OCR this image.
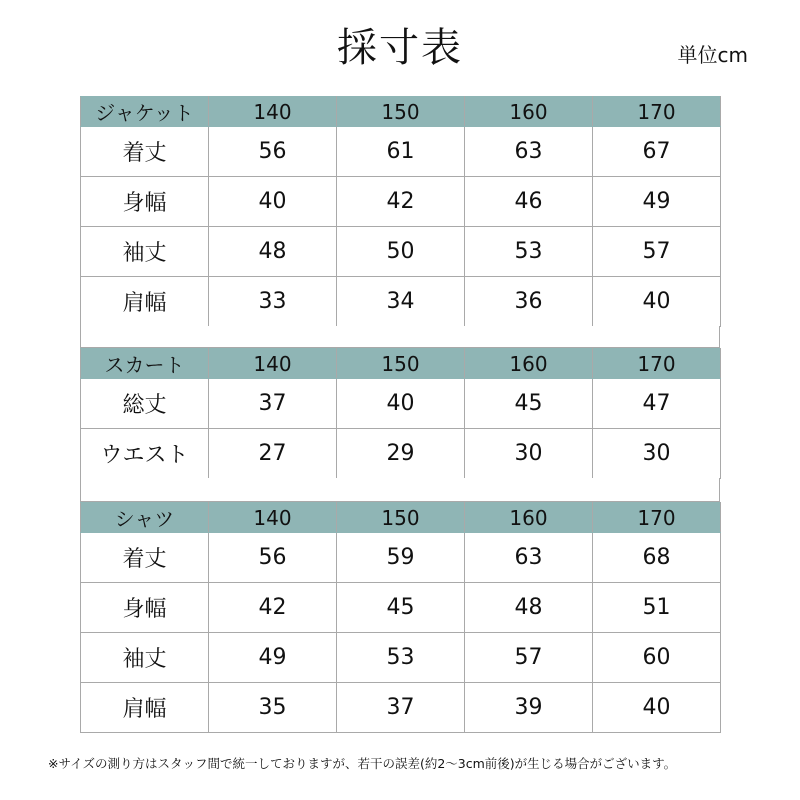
採寸表	単位cm
ジャケット	140	150	160	170
着丈	56	61	63	67
身幅	40	42	46	49
袖丈	48	50	53	57
肩幅	33	34	36	40
スカート	140	150	160	170
総丈	37	40	45	47
ウエスト	27	29	30	30
シャツ	140	150	160	170
着丈	56	59	63	68
身幅	42	45	48	51
袖丈	49	53	57	60
肩幅	35	37	39	40
※サイズの測り方はスタッフ間で統一しておりますが、若干の誤差(約2～3cm前後)が生じる場合がございます。
